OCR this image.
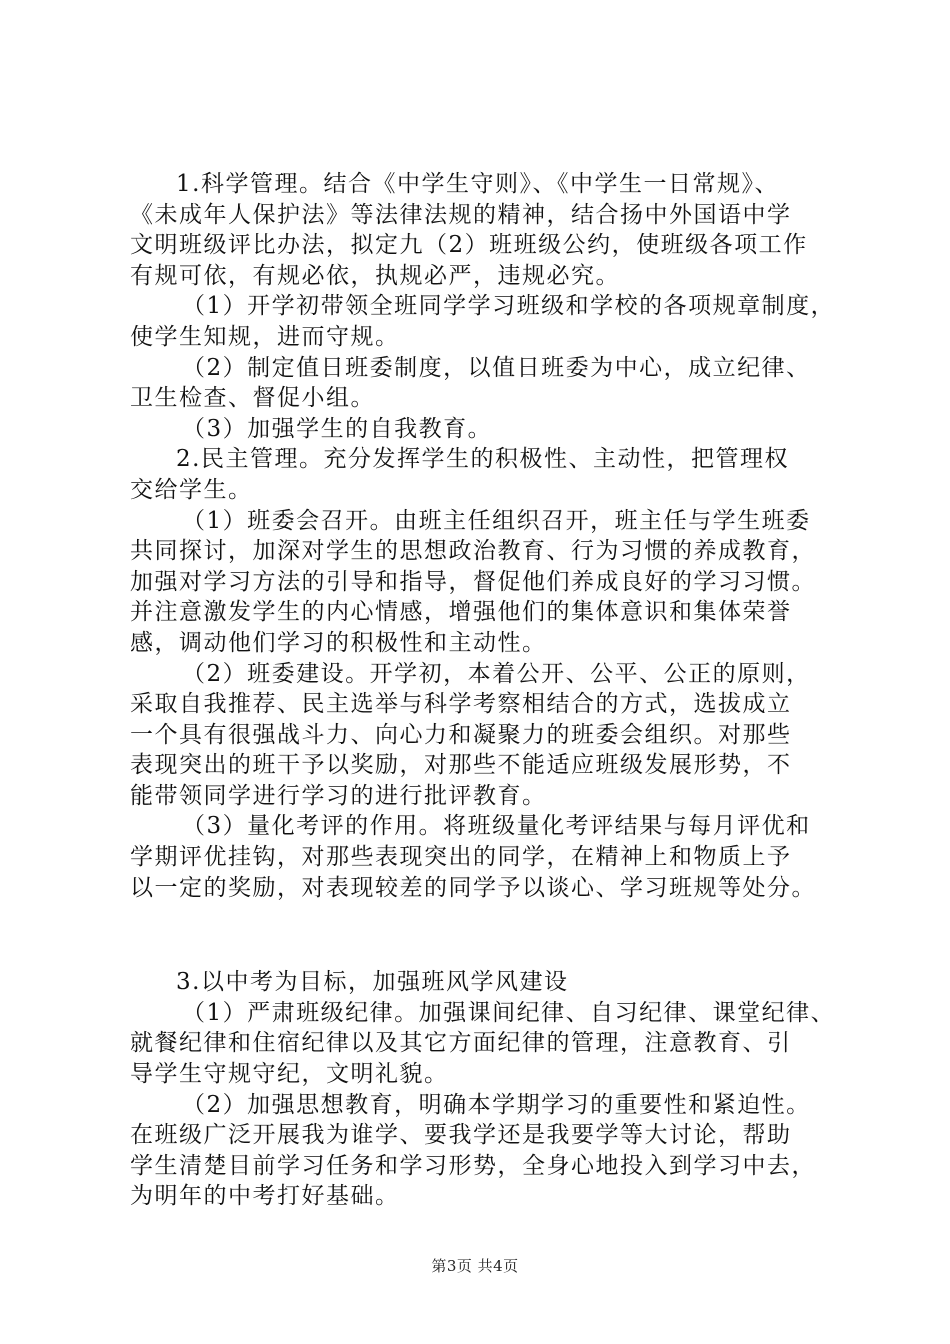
1.科学管理。结合《中学生守则》、《中学生一日常规》、
《未成年人保护法》等法律法规的精神，结合扬中外国语中学
文明班级评比办法，拟定九（2）班班级公约，使班级各项工作
有规可依，有规必依，执规必严，违规必究。
（1）开学初带领全班同学学习班级和学校的各项规章制度，
使学生知规，进而守规。
（2）制定值日班委制度，以值日班委为中心，成立纪律、
卫生检查、督促小组。
（3）加强学生的自我教育。
2.民主管理。充分发挥学生的积极性、主动性，把管理权
交给学生。
（1）班委会召开。由班主任组织召开，班主任与学生班委
共同探讨，加深对学生的思想政治教育、行为习惯的养成教育，
加强对学习方法的引导和指导，督促他们养成良好的学习习惯。
并注意激发学生的内心情感，增强他们的集体意识和集体荣誉
感，调动他们学习的积极性和主动性。
（2）班委建设。开学初，本着公开、公平、公正的原则，
采取自我推荐、民主选举与科学考察相结合的方式，选拔成立
一个具有很强战斗力、向心力和凝聚力的班委会组织。对那些
表现突出的班干予以奖励，对那些不能适应班级发展形势，不
能带领同学进行学习的进行批评教育。
（3）量化考评的作用。将班级量化考评结果与每月评优和
学期评优挂钩，对那些表现突出的同学，在精神上和物质上予
以一定的奖励，对表现较差的同学予以谈心、学习班规等处分。
3.以中考为目标，加强班风学风建设
（1）严肃班级纪律。加强课间纪律、自习纪律、课堂纪律、
就餐纪律和住宿纪律以及其它方面纪律的管理，注意教育、引
导学生守规守纪，文明礼貌。
（2）加强思想教育，明确本学期学习的重要性和紧迫性。
在班级广泛开展我为谁学、要我学还是我要学等大讨论，帮助
学生清楚目前学习任务和学习形势，全身心地投入到学习中去，
为明年的中考打好基础。
第3页 共4页
